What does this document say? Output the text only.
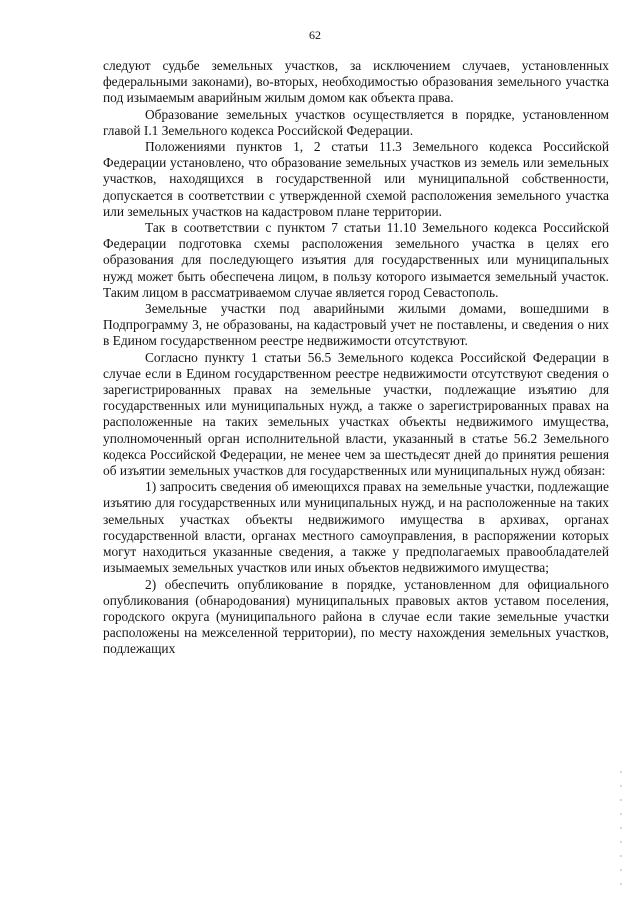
62

следуют судьбе земельных участков, за исключением случаев, установленных федеральными законами), во-вторых, необходимостью образования земельного участка под изымаемым аварийным жилым домом как объекта права.

Образование земельных участков осуществляется в порядке, установленном главой I.1 Земельного кодекса Российской Федерации.

Положениями пунктов 1, 2 статьи 11.3 Земельного кодекса Российской Федерации установлено, что образование земельных участков из земель или земельных участков, находящихся в государственной или муниципальной собственности, допускается в соответствии с утвержденной схемой расположения земельного участка или земельных участков на кадастровом плане территории.

Так в соответствии с пунктом 7 статьи 11.10 Земельного кодекса Российской Федерации подготовка схемы расположения земельного участка в целях его образования для последующего изъятия для государственных или муниципальных нужд может быть обеспечена лицом, в пользу которого изымается земельный участок. Таким лицом в рассматриваемом случае является город Севастополь.

Земельные участки под аварийными жилыми домами, вошедшими в Подпрограмму 3, не образованы, на кадастровый учет не поставлены, и сведения о них в Едином государственном реестре недвижимости отсутствуют.

Согласно пункту 1 статьи 56.5 Земельного кодекса Российской Федерации в случае если в Едином государственном реестре недвижимости отсутствуют сведения о зарегистрированных правах на земельные участки, подлежащие изъятию для государственных или муниципальных нужд, а также о зарегистрированных правах на расположенные на таких земельных участках объекты недвижимого имущества, уполномоченный орган исполнительной власти, указанный в статье 56.2 Земельного кодекса Российской Федерации, не менее чем за шестьдесят дней до принятия решения об изъятии земельных участков для государственных или муниципальных нужд обязан:

1) запросить сведения об имеющихся правах на земельные участки, подлежащие изъятию для государственных или муниципальных нужд, и на расположенные на таких земельных участках объекты недвижимого имущества в архивах, органах государственной власти, органах местного самоуправления, в распоряжении которых могут находиться указанные сведения, а также у предполагаемых правообладателей изымаемых земельных участков или иных объектов недвижимого имущества;

2) обеспечить опубликование в порядке, установленном для официального опубликования (обнародования) муниципальных правовых актов уставом поселения, городского округа (муниципального района в случае если такие земельные участки расположены на межселенной территории), по месту нахождения земельных участков, подлежащих
